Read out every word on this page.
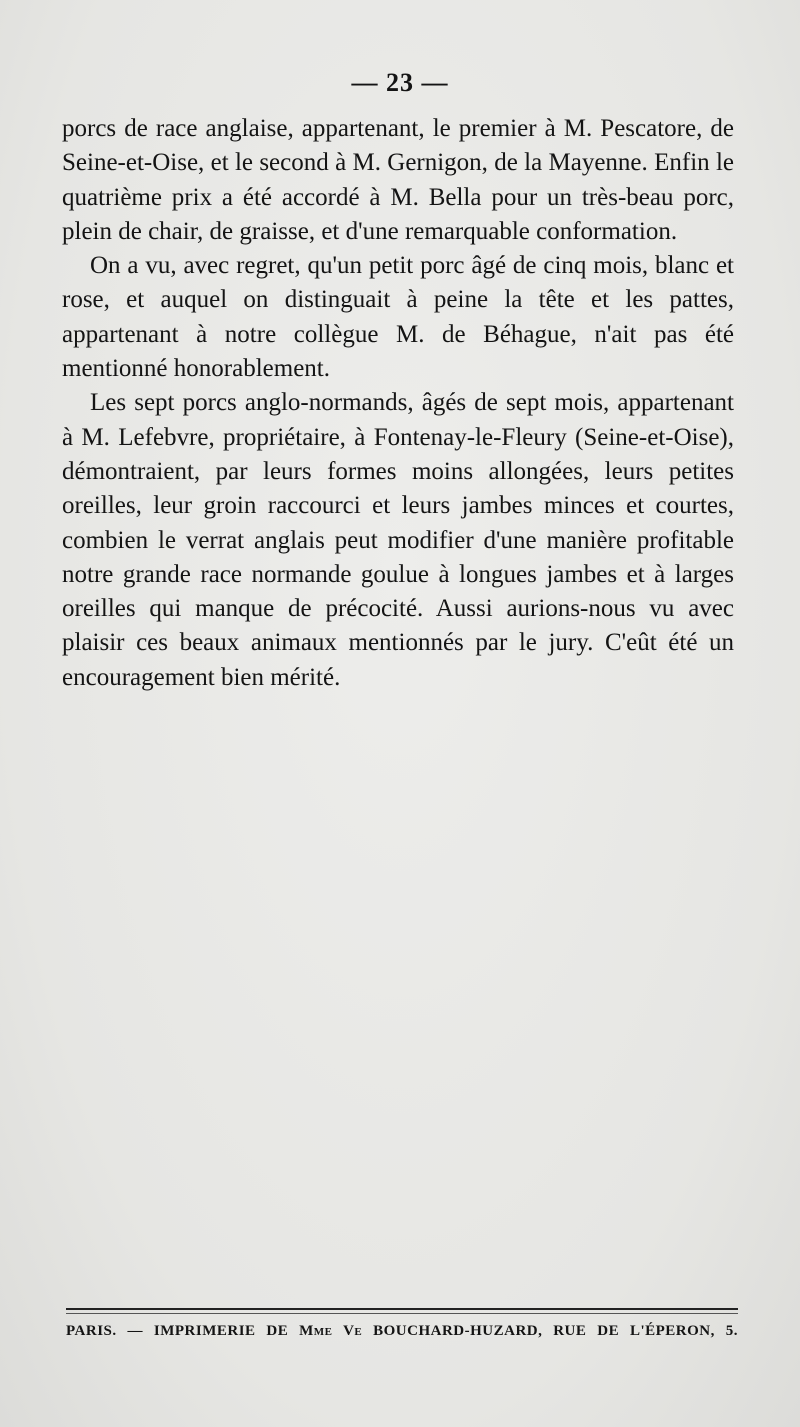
— 23 —

porcs de race anglaise, appartenant, le premier à M. Pescatore, de Seine-et-Oise, et le second à M. Gernigon, de la Mayenne. Enfin le quatrième prix a été accordé à M. Bella pour un très-beau porc, plein de chair, de graisse, et d'une remarquable conformation.

On a vu, avec regret, qu'un petit porc âgé de cinq mois, blanc et rose, et auquel on distinguait à peine la tête et les pattes, appartenant à notre collègue M. de Béhague, n'ait pas été mentionné honorablement.

Les sept porcs anglo-normands, âgés de sept mois, appartenant à M. Lefebvre, propriétaire, à Fontenay-le-Fleury (Seine-et-Oise), démontraient, par leurs formes moins allongées, leurs petites oreilles, leur groin raccourci et leurs jambes minces et courtes, combien le verrat anglais peut modifier d'une manière profitable notre grande race normande goulue à longues jambes et à larges oreilles qui manque de précocité. Aussi aurions-nous vu avec plaisir ces beaux animaux mentionnés par le jury. C'eût été un encouragement bien mérité.

PARIS. — IMPRIMERIE DE Mme Ve BOUCHARD-HUZARD, RUE DE L'ÉPERON, 5.
